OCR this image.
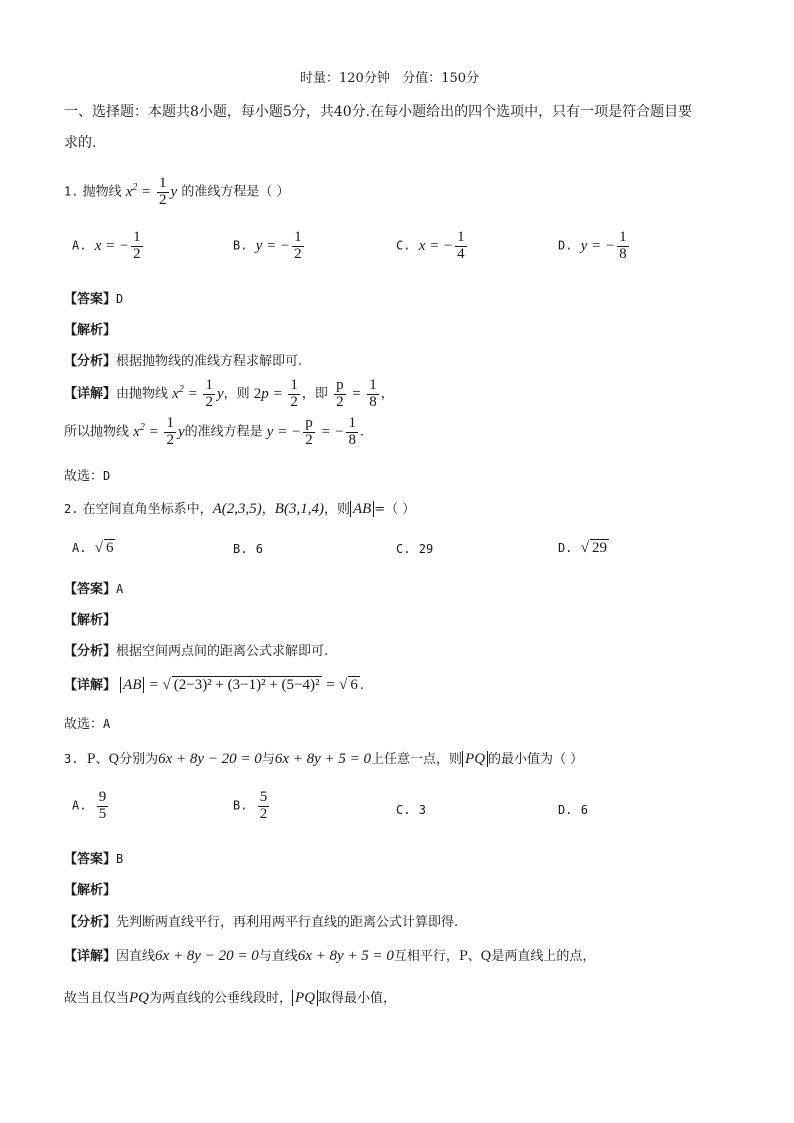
时量：120分钟 分值：150分
一、选择题：本题共8小题，每小题5分，共40分.在每小题给出的四个选项中，只有一项是符合题目要
求的.
1. 抛物线 $x^2 = \frac{1}{2}$ y 的准线方程是（ ）
A. x = − $\frac{1}{2}$	B. y = − $\frac{1}{2}$	C. x = − $\frac{1}{4}$	D. y = − $\frac{1}{8}$
【答案】D
【解析】
【分析】根据抛物线的准线方程求解即可.
【详解】由抛物线 $x^2 = \frac{1}{2}$ y，则 $2p = \frac{1}{2}$ ，即 $\frac{p}{2} = \frac{1}{8}$ ，
所以抛物线 $x^2 = \frac{1}{2}$ y的准线方程是 y = − $\frac{p}{2}$ = − $\frac{1}{8}$ .
故选：D
2. 在空间直角坐标系中，A(2,3,5)，B(3,1,4)，则 AB =（ ）
A. √ 6	B. 6	C. 29	D. √ 29
【答案】A
【解析】
【分析】根据空间两点间的距离公式求解即可.
【详解】 AB = √ (2−3)² + (3−1)² + (5−4)² = √ 6 .
故选：A
3. P、Q分别为6x + 8y − 20 = 0与6x + 8y + 5 = 0上任意一点，则 PQ 的最小值为（ ）
A. $\frac{9}{5}$	B. $\frac{5}{2}$	C. 3	D. 6
【答案】B
【解析】
【分析】先判断两直线平行，再利用两平行直线的距离公式计算即得.
【详解】因直线6x + 8y − 20 = 0与直线6x + 8y + 5 = 0互相平行，P、Q是两直线上的点，
故当且仅当PQ为两直线的公垂线段时， PQ 取得最小值，
